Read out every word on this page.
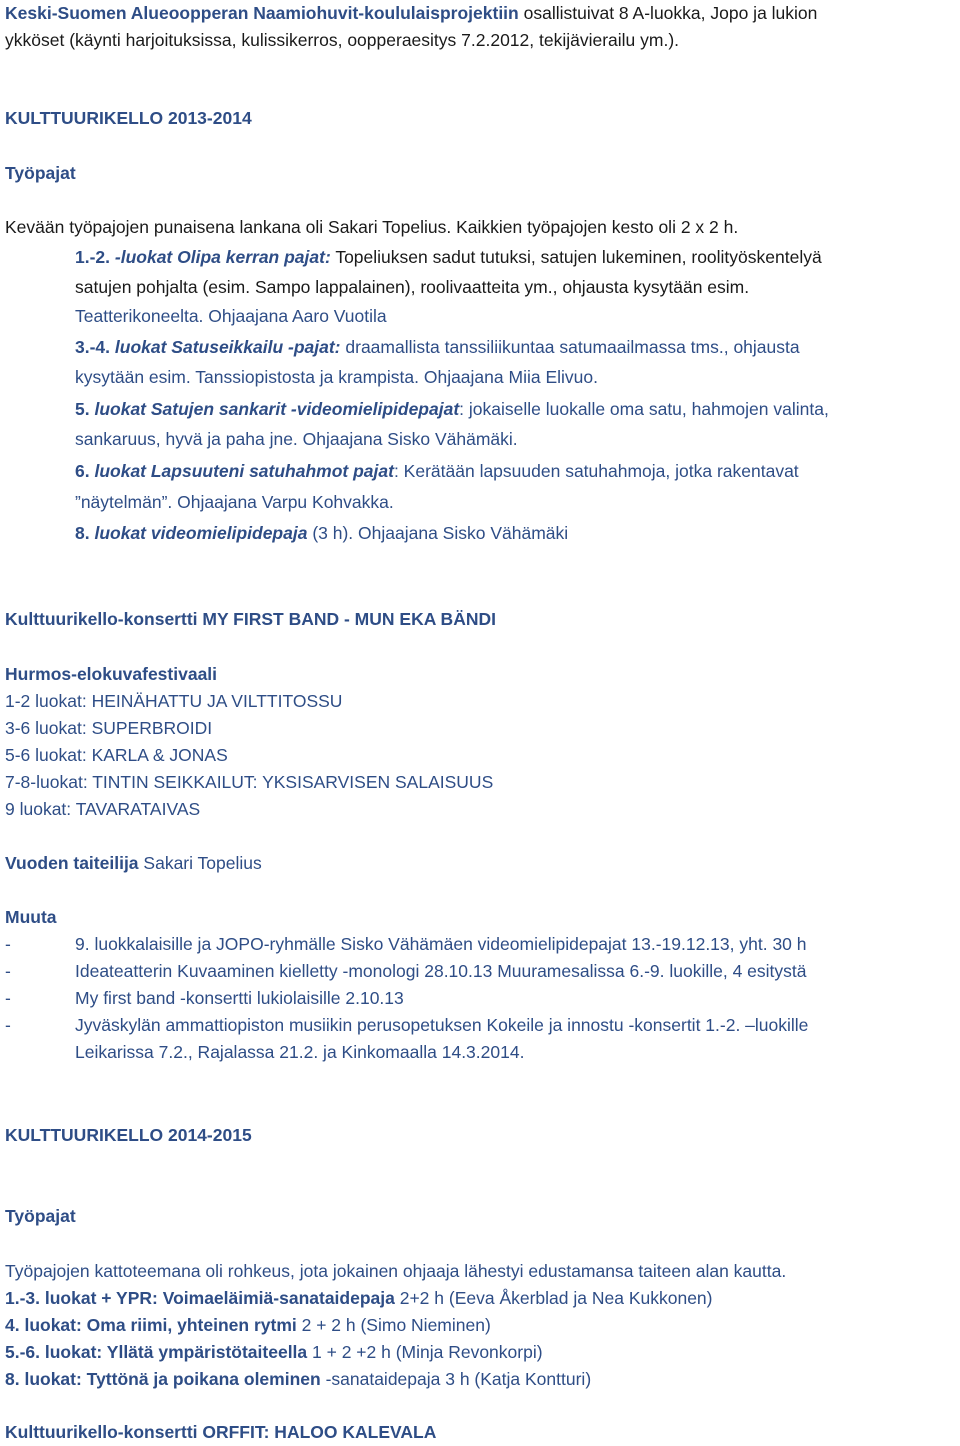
Keski-Suomen Alueoopperan Naamiohuvit-koululaisprojektiin osallistuivat 8 A-luokka, Jopo ja lukion
ykköset (käynti harjoituksissa, kulissikerros, oopperaesitys 7.2.2012, tekijävierailu ym.).
KULTTUURIKELLO 2013-2014
Työpajat
Kevään työpajojen punaisena lankana oli Sakari Topelius. Kaikkien työpajojen kesto oli 2 x 2 h.
1.-2. -luokat Olipa kerran pajat: Topeliuksen sadut tutuksi, satujen lukeminen, roolityöskentelyä
satujen pohjalta (esim. Sampo lappalainen), roolivaatteita ym., ohjausta kysytään esim.
Teatterikoneelta. Ohjaajana Aaro Vuotila
3.-4. luokat Satuseikkailu -pajat: draamallista tanssiliikuntaa satumaailmassa tms., ohjausta
kysytään esim. Tanssiopistosta ja krampista. Ohjaajana Miia Elivuo.
5. luokat Satujen sankarit -videomielipidepajat: jokaiselle luokalle oma satu, hahmojen valinta,
sankaruus, hyvä ja paha jne. Ohjaajana Sisko Vähämäki.
6. luokat Lapsuuteni satuhahmot pajat: Kerätään lapsuuden satuhahmoja, jotka rakentavat
”näytelmän”. Ohjaajana Varpu Kohvakka.
8. luokat videomielipidepaja (3 h). Ohjaajana Sisko Vähämäki
Kulttuurikello-konsertti MY FIRST BAND - MUN EKA BÄNDI
Hurmos-elokuvafestivaali
1-2 luokat: HEINÄHATTU JA VILTTITOSSU
3-6 luokat: SUPERBROIDI
5-6 luokat: KARLA & JONAS
7-8-luokat: TINTIN SEIKKAILUT: YKSISARVISEN SALAISUUS
9 luokat: TAVARATAIVAS
Vuoden taiteilija Sakari Topelius
Muuta
-	9. luokkalaisille ja JOPO-ryhmälle Sisko Vähämäen videomielipidepajat 13.-19.12.13, yht. 30 h
-	Ideateatterin Kuvaaminen kielletty -monologi 28.10.13 Muuramesalissa 6.-9. luokille, 4 esitystä
-	My first band -konsertti lukiolaisille 2.10.13
-	Jyväskylän ammattiopiston musiikin perusopetuksen Kokeile ja innostu -konsertit 1.-2. –luokille
Leikarissa 7.2., Rajalassa 21.2. ja Kinkomaalla 14.3.2014.
KULTTUURIKELLO 2014-2015
Työpajat
Työpajojen kattoteemana oli rohkeus, jota jokainen ohjaaja lähestyi edustamansa taiteen alan kautta.
1.-3. luokat + YPR: Voimaeläimiä-sanataidepaja 2+2 h (Eeva Åkerblad ja Nea Kukkonen)
4. luokat: Oma riimi, yhteinen rytmi 2 + 2 h (Simo Nieminen)
5.-6. luokat: Yllätä ympäristötaiteella 1 + 2 +2 h (Minja Revonkorpi)
8. luokat: Tyttönä ja poikana oleminen -sanataidepaja 3 h (Katja Kontturi)
Kulttuurikello-konsertti ORFFIT: HALOO KALEVALA
